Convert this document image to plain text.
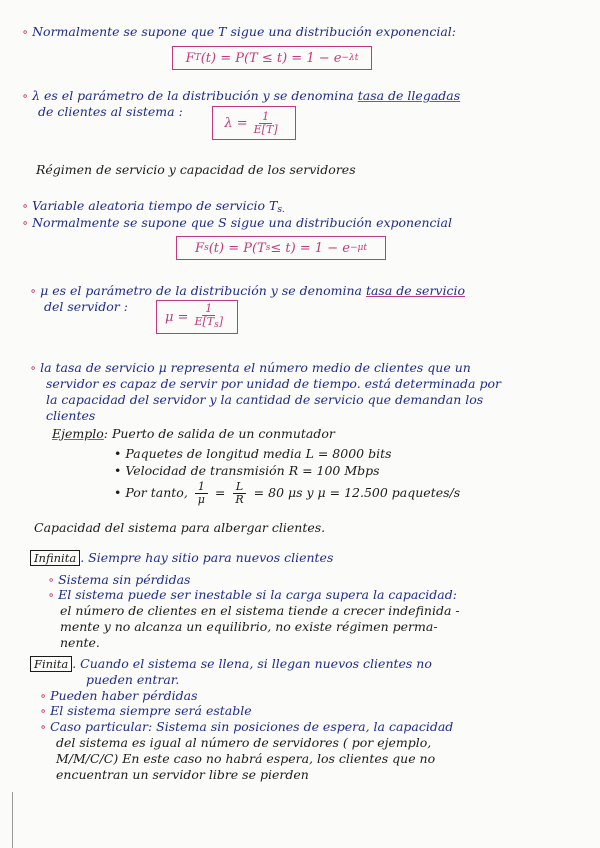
∘ Normalmente se supone que T sigue una distribución exponencial:
F T (t) = P(T ≤ t) = 1 − e −λt
∘ λ es el parámetro de la distribución y se denomina tasa de llegadas
de clientes al sistema :
$\lambda = \frac{1}{E[T]}$
Régimen de servicio y capacidad de los servidores
∘ Variable aleatoria tiempo de servicio $T_{s.}$
∘ Normalmente se supone que S sigue una distribución exponencial
F s (t) = P(T s ≤ t) = 1 − e −μt
∘ μ es el parámetro de la distribución y se denomina tasa de servicio
del servidor :
$\mu = \frac{1}{E[T_s]}$
∘ la tasa de servicio μ representa el número medio de clientes que un
servidor es capaz de servir por unidad de tiempo. está determinada por
la capacidad del servidor y la cantidad de servicio que demandan los
clientes
Ejemplo: Puerto de salida de un conmutador
• Paquetes de longitud media L = 8000 bits
• Velocidad de transmisión R = 100 Mbps
• Por tanto, $\frac{1}{\mu} = \frac{L}{R} = 80$ μs y μ = 12.500 paquetes/s
Capacidad del sistema para albergar clientes.
Infinita . Siempre hay sitio para nuevos clientes
∘ Sistema sin pérdidas
∘ El sistema puede ser inestable si la carga supera la capacidad:
el número de clientes en el sistema tiende a crecer indefinida -
mente y no alcanza un equilibrio, no existe régimen perma-
nente.
Finita . Cuando el sistema se llena, si llegan nuevos clientes no
pueden entrar.
∘ Pueden haber pérdidas
∘ El sistema siempre será estable
∘ Caso particular: Sistema sin posiciones de espera, la capacidad
del sistema es igual al número de servidores ( por ejemplo,
M/M/C/C) En este caso no habrá espera, los clientes que no
encuentran un servidor libre se pierden
